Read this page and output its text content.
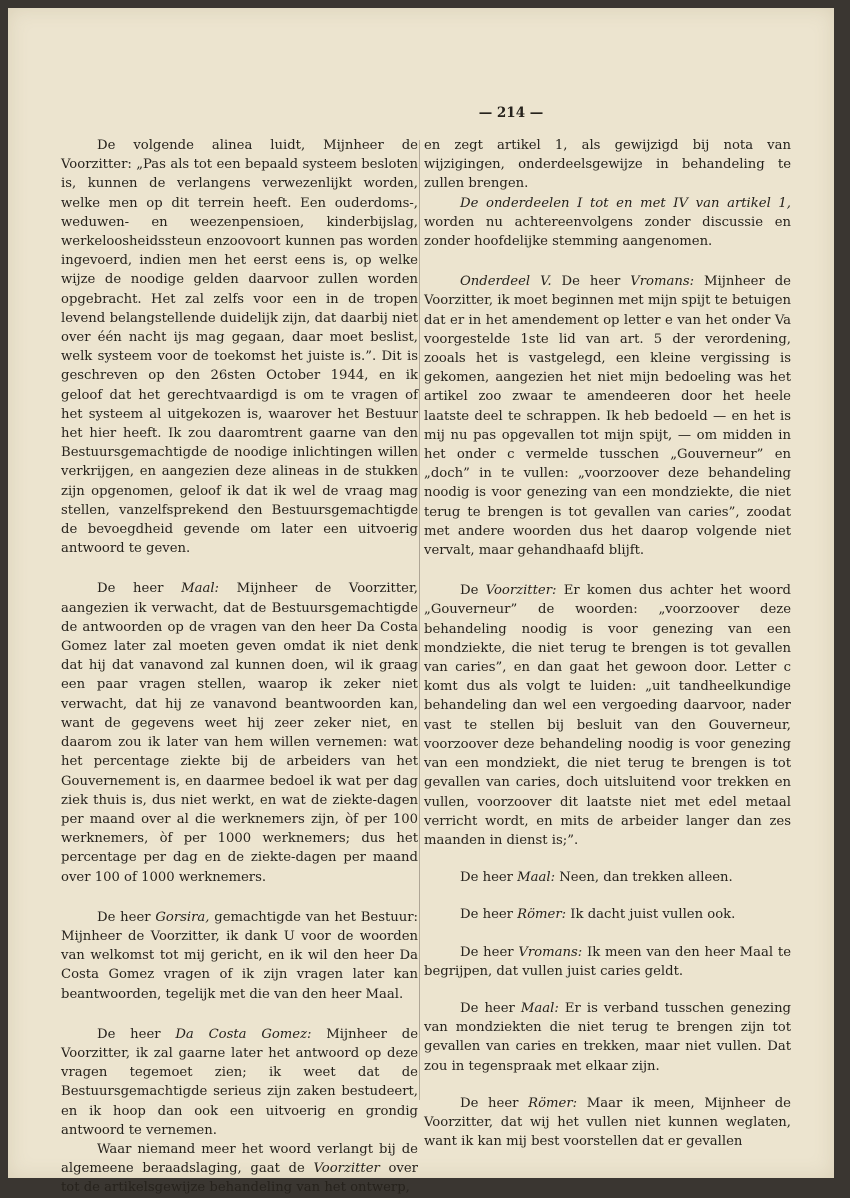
— 214 —

De volgende alinea luidt, Mijnheer de Voorzitter: „Pas als tot een bepaald systeem besloten is, kunnen de verlangens verwezenlijkt worden, welke men op dit terrein heeft. Een ouderdoms-, weduwen- en weezenpensioen, kinderbijslag, werkeloosheidssteun enzoovoort kunnen pas worden ingevoerd, indien men het eerst eens is, op welke wijze de noodige gelden daarvoor zullen worden opgebracht. Het zal zelfs voor een in de tropen levend belangstellende duidelijk zijn, dat daarbij niet over één nacht ijs mag gegaan, daar moet beslist, welk systeem voor de toekomst het juiste is.”. Dit is geschreven op den 26sten October 1944, en ik geloof dat het gerechtvaardigd is om te vragen of het systeem al uitgekozen is, waarover het Bestuur het hier heeft. Ik zou daaromtrent gaarne van den Bestuursgemachtigde de noodige inlichtingen willen verkrijgen, en aangezien deze alineas in de stukken zijn opgenomen, geloof ik dat ik wel de vraag mag stellen, vanzelfsprekend den Bestuursgemachtigde de bevoegdheid gevende om later een uitvoerig antwoord te geven.

De heer Maal: Mijnheer de Voorzitter, aangezien ik verwacht, dat de Bestuursgemachtigde de antwoorden op de vragen van den heer Da Costa Gomez later zal moeten geven omdat ik niet denk dat hij dat vanavond zal kunnen doen, wil ik graag een paar vragen stellen, waarop ik zeker niet verwacht, dat hij ze vanavond beantwoorden kan, want de gegevens weet hij zeer zeker niet, en daarom zou ik later van hem willen vernemen: wat het percentage ziekte bij de arbeiders van het Gouvernement is, en daarmee bedoel ik wat per dag ziek thuis is, dus niet werkt, en wat de ziekte-dagen per maand over al die werknemers zijn, òf per 100 werknemers, òf per 1000 werknemers; dus het percentage per dag en de ziekte-dagen per maand over 100 of 1000 werknemers.

De heer Gorsira, gemachtigde van het Bestuur: Mijnheer de Voorzitter, ik dank U voor de woorden van welkomst tot mij gericht, en ik wil den heer Da Costa Gomez vragen of ik zijn vragen later kan beantwoorden, tegelijk met die van den heer Maal.

De heer Da Costa Gomez: Mijnheer de Voorzitter, ik zal gaarne later het antwoord op deze vragen tegemoet zien; ik weet dat de Bestuursgemachtigde serieus zijn zaken bestudeert, en ik hoop dan ook een uitvoerig en grondig antwoord te vernemen.

Waar niemand meer het woord verlangt bij de algemeene beraadslaging, gaat de Voorzitter over tot de artikelsgewijze behandeling van het ontwerp,

en zegt artikel 1, als gewijzigd bij nota van wijzigingen, onderdeelsgewijze in behandeling te zullen brengen.

De onderdeelen I tot en met IV van artikel 1, worden nu achtereenvolgens zonder discussie en zonder hoofdelijke stemming aangenomen.

Onderdeel V. De heer Vromans: Mijnheer de Voorzitter, ik moet beginnen met mijn spijt te betuigen dat er in het amendement op letter e van het onder Va voorgestelde 1ste lid van art. 5 der verordening, zooals het is vastgelegd, een kleine vergissing is gekomen, aangezien het niet mijn bedoeling was het artikel zoo zwaar te amendeeren door het heele laatste deel te schrappen. Ik heb bedoeld — en het is mij nu pas opgevallen tot mijn spijt, — om midden in het onder c vermelde tusschen „Gouverneur” en „doch” in te vullen: „voorzoover deze behandeling noodig is voor genezing van een mondziekte, die niet terug te brengen is tot gevallen van caries”, zoodat met andere woorden dus het daarop volgende niet vervalt, maar gehandhaafd blijft.

De Voorzitter: Er komen dus achter het woord „Gouverneur” de woorden: „voorzoover deze behandeling noodig is voor genezing van een mondziekte, die niet terug te brengen is tot gevallen van caries”, en dan gaat het gewoon door. Letter c komt dus als volgt te luiden: „uit tandheelkundige behandeling dan wel een vergoeding daarvoor, nader vast te stellen bij besluit van den Gouverneur, voorzoover deze behandeling noodig is voor genezing van een mondziekt, die niet terug te brengen is tot gevallen van caries, doch uitsluitend voor trekken en vullen, voorzoover dit laatste niet met edel metaal verricht wordt, en mits de arbeider langer dan zes maanden in dienst is;”.

De heer Maal: Neen, dan trekken alleen.

De heer Römer: Ik dacht juist vullen ook.

De heer Vromans: Ik meen van den heer Maal te begrijpen, dat vullen juist caries geldt.

De heer Maal: Er is verband tusschen genezing van mondziekten die niet terug te brengen zijn tot gevallen van caries en trekken, maar niet vullen. Dat zou in tegenspraak met elkaar zijn.

De heer Römer: Maar ik meen, Mijnheer de Voorzitter, dat wij het vullen niet kunnen weglaten, want ik kan mij best voorstellen dat er gevallen
